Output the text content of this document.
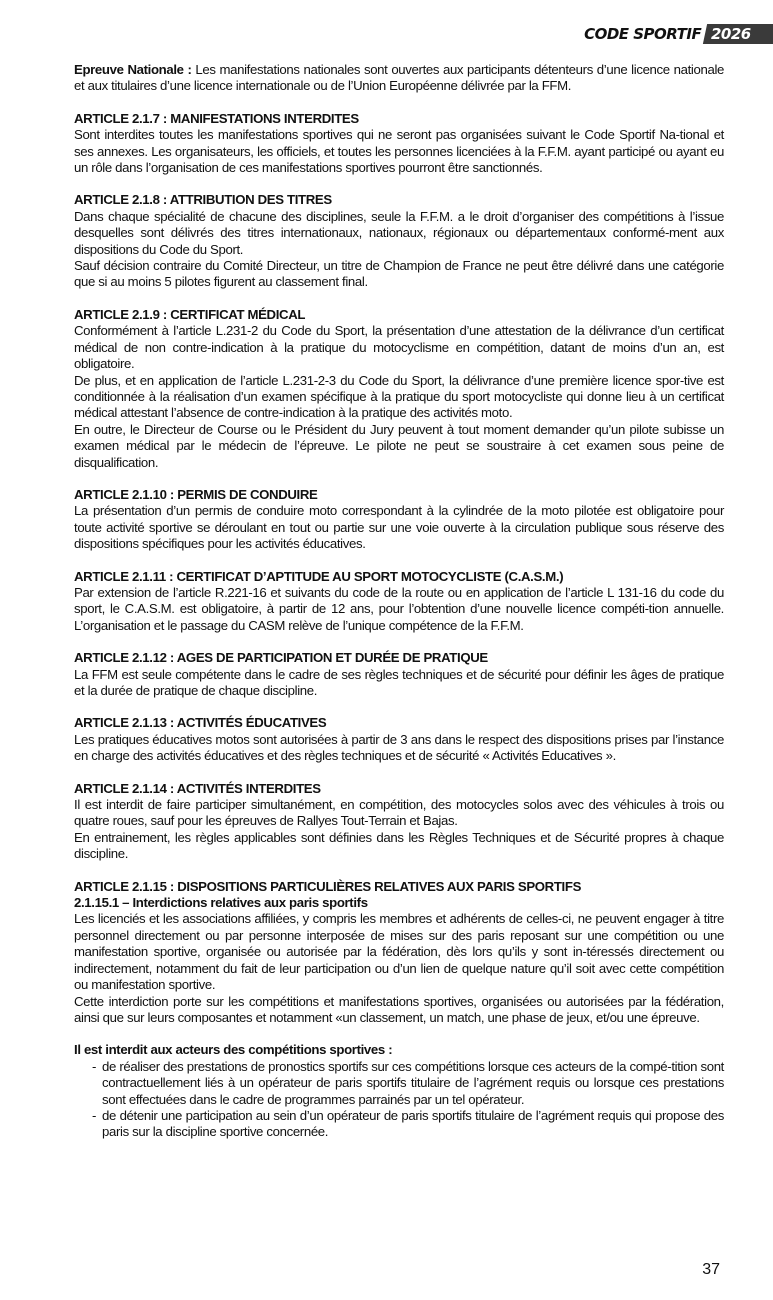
CODE SPORTIF 2026

Epreuve Nationale : Les manifestations nationales sont ouvertes aux participants détenteurs d’une licence nationale et aux titulaires d’une licence internationale ou de l’Union Européenne délivrée par la FFM.

ARTICLE 2.1.7 : MANIFESTATIONS INTERDITES

Sont interdites toutes les manifestations sportives qui ne seront pas organisées suivant le Code Sportif Na-tional et ses annexes. Les organisateurs, les officiels, et toutes les personnes licenciées à la F.F.M. ayant participé ou ayant eu un rôle dans l’organisation de ces manifestations sportives pourront être sanctionnés.

ARTICLE 2.1.8 : ATTRIBUTION DES TITRES

Dans chaque spécialité de chacune des disciplines, seule la F.F.M. a le droit d’organiser des compétitions à l’issue desquelles sont délivrés des titres internationaux, nationaux, régionaux ou départementaux conformé-ment aux dispositions du Code du Sport.

Sauf décision contraire du Comité Directeur, un titre de Champion de France ne peut être délivré dans une catégorie que si au moins 5 pilotes figurent au classement final.

ARTICLE 2.1.9 : CERTIFICAT MÉDICAL

Conformément à l’article L.231-2 du Code du Sport, la présentation d’une attestation de la délivrance d’un certificat médical de non contre-indication à la pratique du motocyclisme en compétition, datant de moins d’un an, est obligatoire.

De plus, et en application de l’article L.231-2-3 du Code du Sport, la délivrance d’une première licence spor-tive est conditionnée à la réalisation d’un examen spécifique à la pratique du sport motocycliste qui donne lieu à un certificat médical attestant l’absence de contre-indication à la pratique des activités moto.

En outre, le Directeur de Course ou le Président du Jury peuvent à tout moment demander qu’un pilote subisse un examen médical par le médecin de l’épreuve. Le pilote ne peut se soustraire à cet examen sous peine de disqualification.

ARTICLE 2.1.10 : PERMIS DE CONDUIRE

La présentation d’un permis de conduire moto correspondant à la cylindrée de la moto pilotée est obligatoire pour toute activité sportive se déroulant en tout ou partie sur une voie ouverte à la circulation publique sous réserve des dispositions spécifiques pour les activités éducatives.

ARTICLE 2.1.11 : CERTIFICAT D’APTITUDE AU SPORT MOTOCYCLISTE (C.A.S.M.)

Par extension de l’article R.221-16 et suivants du code de la route ou en application de l’article L 131-16 du code du sport, le C.A.S.M. est obligatoire, à partir de 12 ans, pour l’obtention d’une nouvelle licence compéti-tion annuelle. L’organisation et le passage du CASM relève de l’unique compétence de la F.F.M.

ARTICLE 2.1.12 : AGES DE PARTICIPATION ET DURÉE DE PRATIQUE

La FFM est seule compétente dans le cadre de ses règles techniques et de sécurité pour définir les âges de pratique et la durée de pratique de chaque discipline.

ARTICLE 2.1.13 : ACTIVITÉS ÉDUCATIVES

Les pratiques éducatives motos sont autorisées à partir de 3 ans dans le respect des dispositions prises par l’instance en charge des activités éducatives et des règles techniques et de sécurité « Activités Educatives ».

ARTICLE 2.1.14 : ACTIVITÉS INTERDITES

Il est interdit de faire participer simultanément, en compétition, des motocycles solos avec des véhicules à trois ou quatre roues, sauf pour les épreuves de Rallyes Tout-Terrain et Bajas.

En entrainement, les règles applicables sont définies dans les Règles Techniques et de Sécurité propres à chaque discipline.

ARTICLE 2.1.15 : DISPOSITIONS PARTICULIÈRES RELATIVES AUX PARIS SPORTIFS

2.1.15.1 – Interdictions relatives aux paris sportifs

Les licenciés et les associations affiliées, y compris les membres et adhérents de celles-ci, ne peuvent engager à titre personnel directement ou par personne interposée de mises sur des paris reposant sur une compétition ou une manifestation sportive, organisée ou autorisée par la fédération, dès lors qu’ils y sont in-téressés directement ou indirectement, notamment du fait de leur participation ou d’un lien de quelque nature qu’il soit avec cette compétition ou manifestation sportive.

Cette interdiction porte sur les compétitions et manifestations sportives, organisées ou autorisées par la fédération, ainsi que sur leurs composantes et notamment «un classement, un match, une phase de jeux, et/ou une épreuve.

Il est interdit aux acteurs des compétitions sportives :

- de réaliser des prestations de pronostics sportifs sur ces compétitions lorsque ces acteurs de la compé-tition sont contractuellement liés à un opérateur de paris sportifs titulaire de l’agrément requis ou lorsque ces prestations sont effectuées dans le cadre de programmes parrainés par un tel opérateur.
- de détenir une participation au sein d’un opérateur de paris sportifs titulaire de l’agrément requis qui propose des paris sur la discipline sportive concernée.
37
